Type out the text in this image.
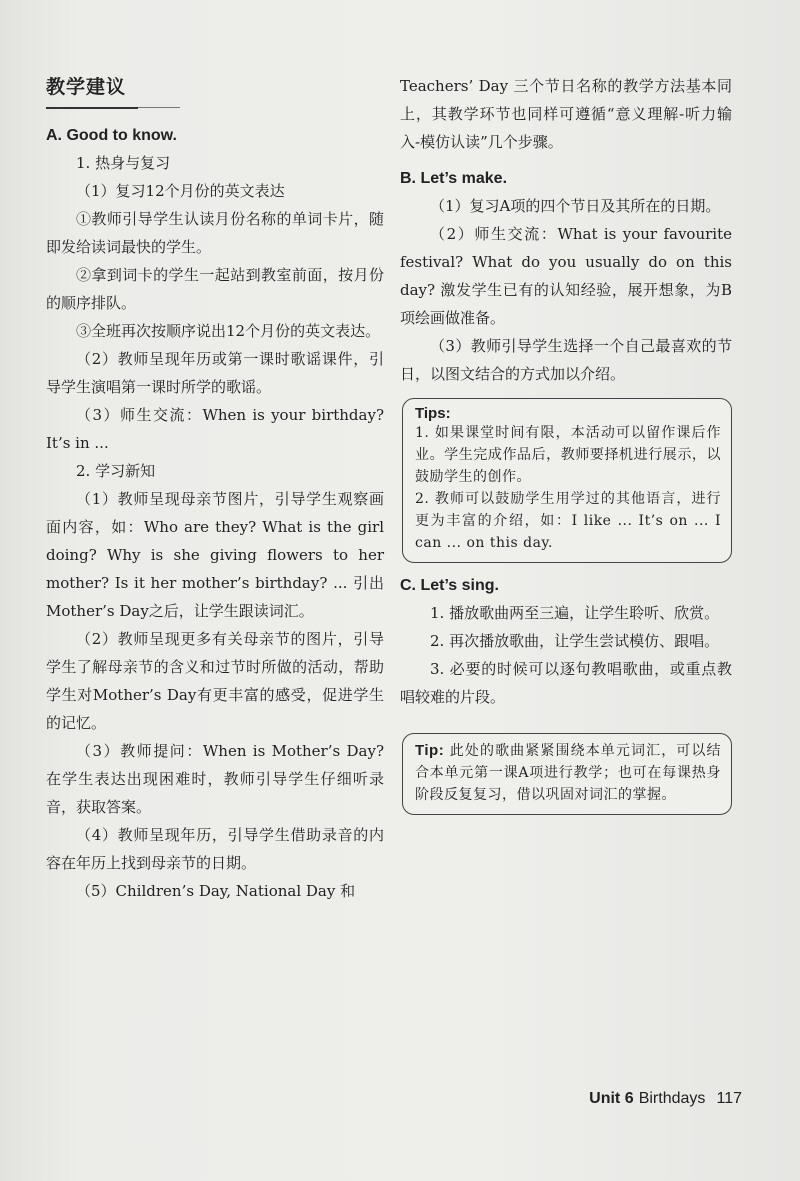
教学建议
A. Good to know.

1. 热身与复习

（1）复习12个月份的英文表达

①教师引导学生认读月份名称的单词卡片，随即发给读词最快的学生。

②拿到词卡的学生一起站到教室前面，按月份的顺序排队。

③全班再次按顺序说出12个月份的英文表达。

（2）教师呈现年历或第一课时歌谣课件，引导学生演唱第一课时所学的歌谣。

（3）师生交流：When is your birthday? It’s in ...

2. 学习新知

（1）教师呈现母亲节图片，引导学生观察画面内容，如：Who are they? What is the girl doing? Why is she giving flowers to her mother? Is it her mother’s birthday? ... 引出Mother’s Day之后，让学生跟读词汇。

（2）教师呈现更多有关母亲节的图片，引导学生了解母亲节的含义和过节时所做的活动，帮助学生对Mother’s Day有更丰富的感受，促进学生的记忆。

（3）教师提问：When is Mother’s Day? 在学生表达出现困难时，教师引导学生仔细听录音，获取答案。

（4）教师呈现年历，引导学生借助录音的内容在年历上找到母亲节的日期。

（5）Children’s Day, National Day 和

Teachers’ Day 三个节日名称的教学方法基本同上，其教学环节也同样可遵循“意义理解-听力输入-模仿认读”几个步骤。

B. Let’s make.

（1）复习A项的四个节日及其所在的日期。

（2）师生交流：What is your favourite festival? What do you usually do on this day? 激发学生已有的认知经验，展开想象，为B项绘画做准备。

（3）教师引导学生选择一个自己最喜欢的节日，以图文结合的方式加以介绍。

Tips:

1. 如果课堂时间有限，本活动可以留作课后作业。学生完成作品后，教师要择机进行展示，以鼓励学生的创作。

2. 教师可以鼓励学生用学过的其他语言，进行更为丰富的介绍，如：I like ... It’s on ... I can ... on this day.

C. Let’s sing.

1. 播放歌曲两至三遍，让学生聆听、欣赏。

2. 再次播放歌曲，让学生尝试模仿、跟唱。

3. 必要的时候可以逐句教唱歌曲，或重点教唱较难的片段。

Tip: 此处的歌曲紧紧围绕本单元词汇，可以结合本单元第一课A项进行教学；也可在每课热身阶段反复复习，借以巩固对词汇的掌握。

Unit 6 Birthdays 117
